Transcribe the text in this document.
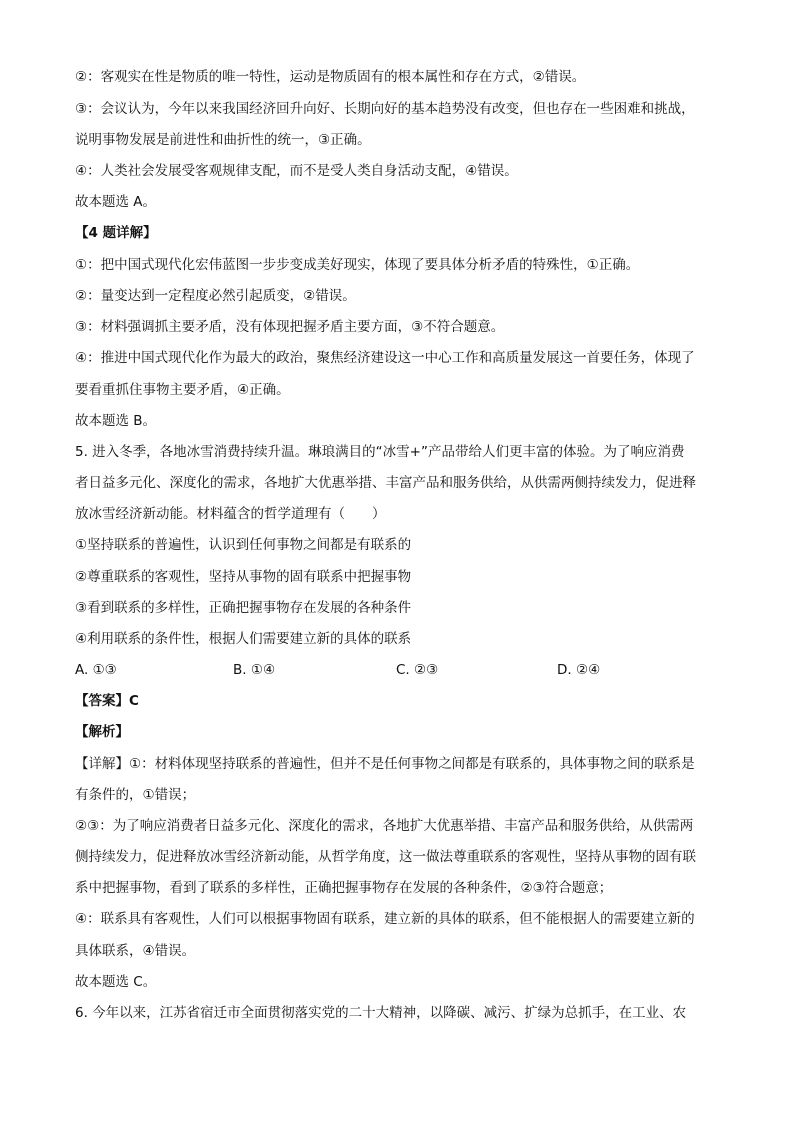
②：客观实在性是物质的唯一特性，运动是物质固有的根本属性和存在方式，②错误。
③：会议认为，今年以来我国经济回升向好、长期向好的基本趋势没有改变，但也存在一些困难和挑战，
说明事物发展是前进性和曲折性的统一，③正确。
④：人类社会发展受客观规律支配，而不是受人类自身活动支配，④错误。
故本题选 A。
【4 题详解】
①：把中国式现代化宏伟蓝图一步步变成美好现实，体现了要具体分析矛盾的特殊性，①正确。
②：量变达到一定程度必然引起质变，②错误。
③：材料强调抓主要矛盾，没有体现把握矛盾主要方面，③不符合题意。
④：推进中国式现代化作为最大的政治，聚焦经济建设这一中心工作和高质量发展这一首要任务，体现了
要看重抓住事物主要矛盾，④正确。
故本题选 B。
5. 进入冬季，各地冰雪消费持续升温。琳琅满目的“冰雪+”产品带给人们更丰富的体验。为了响应消费
者日益多元化、深度化的需求，各地扩大优惠举措、丰富产品和服务供给，从供需两侧持续发力，促进释
放冰雪经济新动能。材料蕴含的哲学道理有（　　）
①坚持联系的普遍性，认识到任何事物之间都是有联系的
②尊重联系的客观性，坚持从事物的固有联系中把握事物
③看到联系的多样性，正确把握事物存在发展的各种条件
④利用联系的条件性，根据人们需要建立新的具体的联系
A. ①③	B. ①④	C. ②③	D. ②④
【答案】C
【解析】
【详解】①：材料体现坚持联系的普遍性，但并不是任何事物之间都是有联系的，具体事物之间的联系是
有条件的，①错误；
②③：为了响应消费者日益多元化、深度化的需求，各地扩大优惠举措、丰富产品和服务供给，从供需两
侧持续发力，促进释放冰雪经济新动能，从哲学角度，这一做法尊重联系的客观性，坚持从事物的固有联
系中把握事物，看到了联系的多样性，正确把握事物存在发展的各种条件，②③符合题意；
④：联系具有客观性，人们可以根据事物固有联系，建立新的具体的联系，但不能根据人的需要建立新的
具体联系，④错误。
故本题选 C。
6. 今年以来，江苏省宿迁市全面贯彻落实党的二十大精神，以降碳、减污、扩绿为总抓手，在工业、农
